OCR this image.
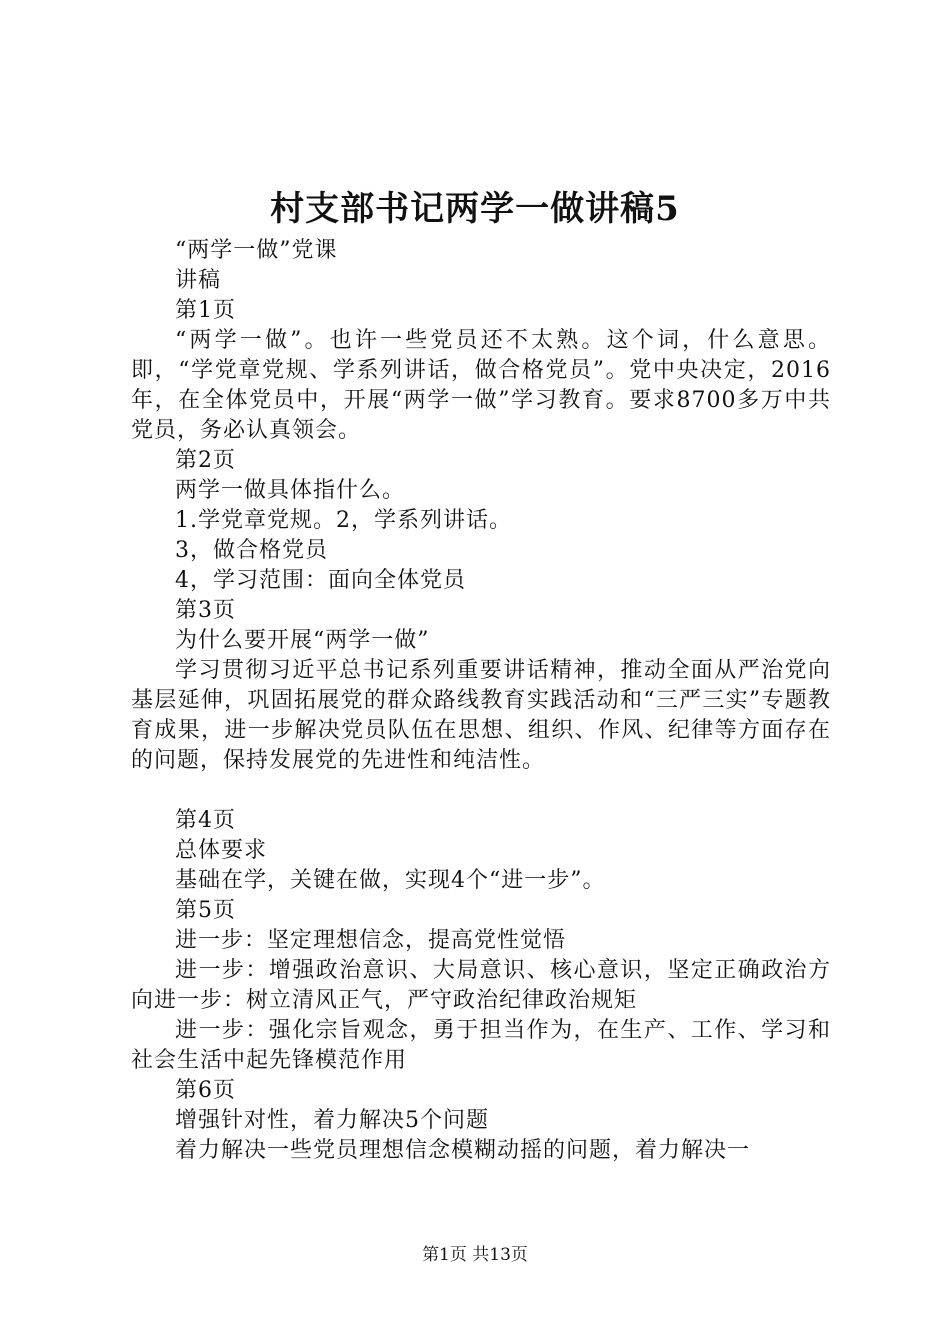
村支部书记两学一做讲稿5

“两学一做”党课

讲稿

第1页

“两学一做”。也许一些党员还不太熟。这个词，什么意思。即，“学党章党规、学系列讲话，做合格党员”。党中央决定，2016年，在全体党员中，开展“两学一做”学习教育。要求8700多万中共党员，务必认真领会。

第2页

两学一做具体指什么。

1.学党章党规。2，学系列讲话。

3，做合格党员

4，学习范围：面向全体党员

第3页

为什么要开展“两学一做”

学习贯彻习近平总书记系列重要讲话精神，推动全面从严治党向基层延伸，巩固拓展党的群众路线教育实践活动和“三严三实”专题教育成果，进一步解决党员队伍在思想、组织、作风、纪律等方面存在的问题，保持发展党的先进性和纯洁性。

第4页

总体要求

基础在学，关键在做，实现4个“进一步”。

第5页

进一步：坚定理想信念，提高党性觉悟

进一步：增强政治意识、大局意识、核心意识，坚定正确政治方向进一步：树立清风正气，严守政治纪律政治规矩

进一步：强化宗旨观念，勇于担当作为，在生产、工作、学习和社会生活中起先锋模范作用

第6页

增强针对性，着力解决5个问题

着力解决一些党员理想信念模糊动摇的问题，着力解决一

第1页 共13页
